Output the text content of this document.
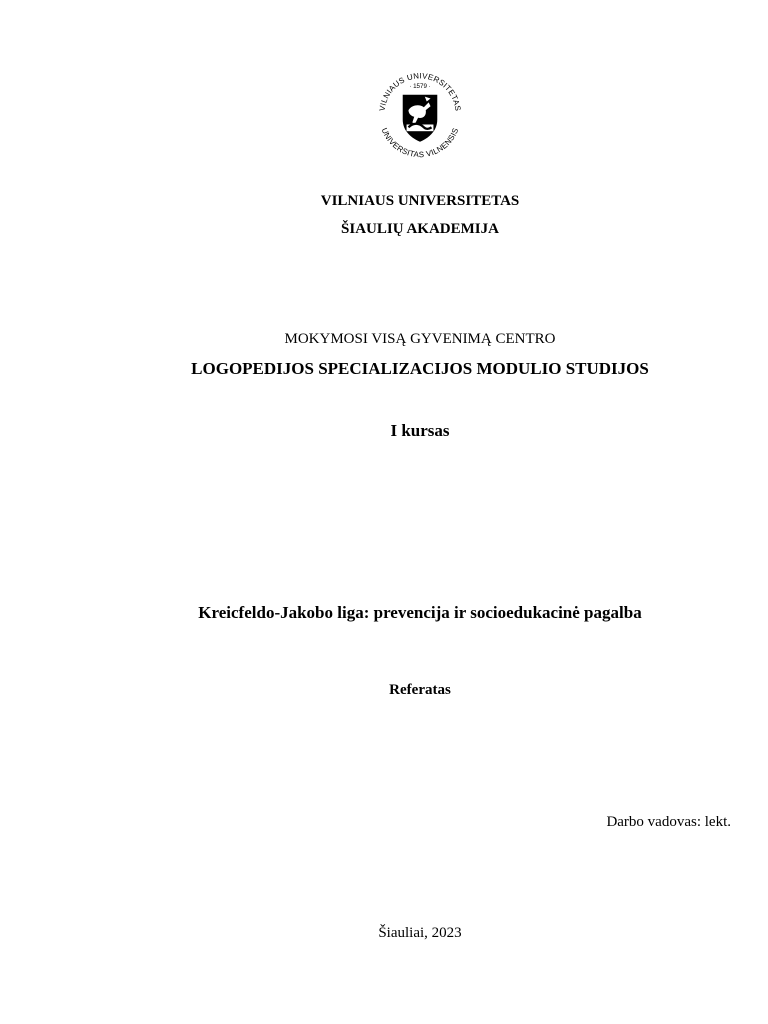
VILNIAUS UNIVERSITETAS
· 1579 ·
UNIVERSITAS VILNENSIS
VILNIAUS UNIVERSITETAS
ŠIAULIŲ AKADEMIJA
MOKYMOSI VISĄ GYVENIMĄ CENTRO
LOGOPEDIJOS SPECIALIZACIJOS MODULIO STUDIJOS
I kursas
Kreicfeldo-Jakobo liga: prevencija ir socioedukacinė pagalba
Referatas
Darbo vadovas: lekt.
Šiauliai, 2023
